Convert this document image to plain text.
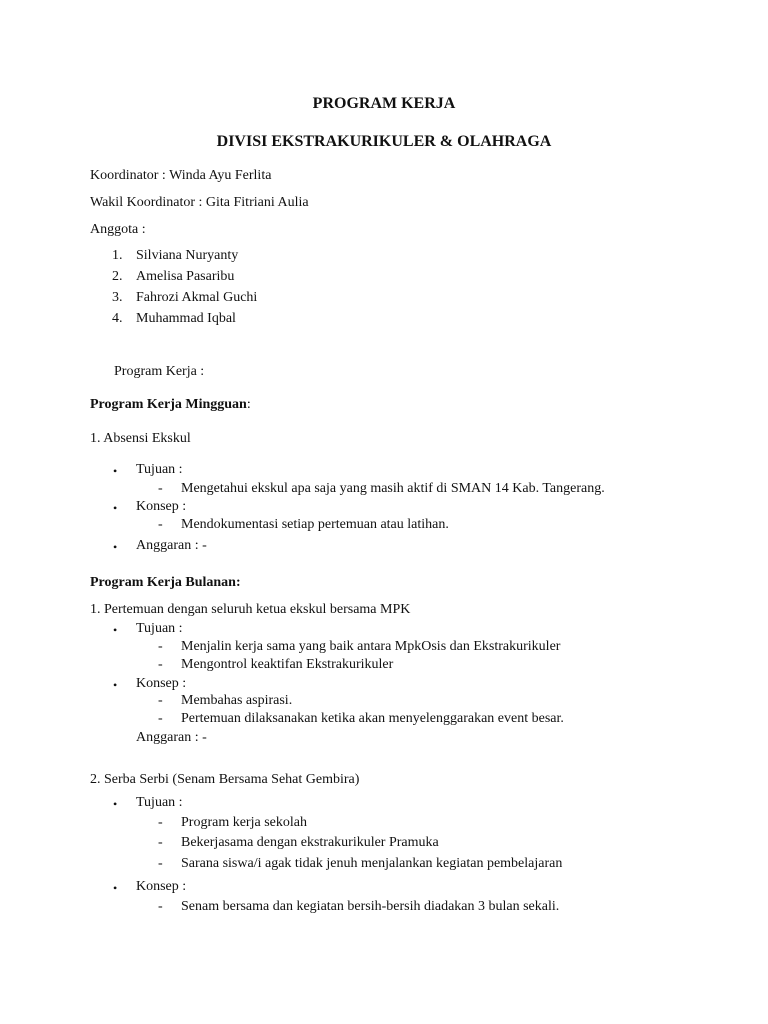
PROGRAM KERJA
DIVISI EKSTRAKURIKULER & OLAHRAGA
Koordinator : Winda Ayu Ferlita
Wakil Koordinator : Gita Fitriani Aulia
Anggota :
1. Silviana Nuryanty
2. Amelisa Pasaribu
3. Fahrozi Akmal Guchi
4. Muhammad Iqbal
Program Kerja :
Program Kerja Mingguan:
1. Absensi Ekskul
• Tujuan :
- Mengetahui ekskul apa saja yang masih aktif di SMAN 14 Kab. Tangerang.
• Konsep :
- Mendokumentasi setiap pertemuan atau latihan.
• Anggaran : -
Program Kerja Bulanan:
1. Pertemuan dengan seluruh ketua ekskul bersama MPK
• Tujuan :
- Menjalin kerja sama yang baik antara MpkOsis dan Ekstrakurikuler
- Mengontrol keaktifan Ekstrakurikuler
• Konsep :
- Membahas aspirasi.
- Pertemuan dilaksanakan ketika akan menyelenggarakan event besar.
Anggaran : -
2. Serba Serbi (Senam Bersama Sehat Gembira)
• Tujuan :
- Program kerja sekolah
- Bekerjasama dengan ekstrakurikuler Pramuka
- Sarana siswa/i agak tidak jenuh menjalankan kegiatan pembelajaran
• Konsep :
- Senam bersama dan kegiatan bersih-bersih diadakan 3 bulan sekali.
